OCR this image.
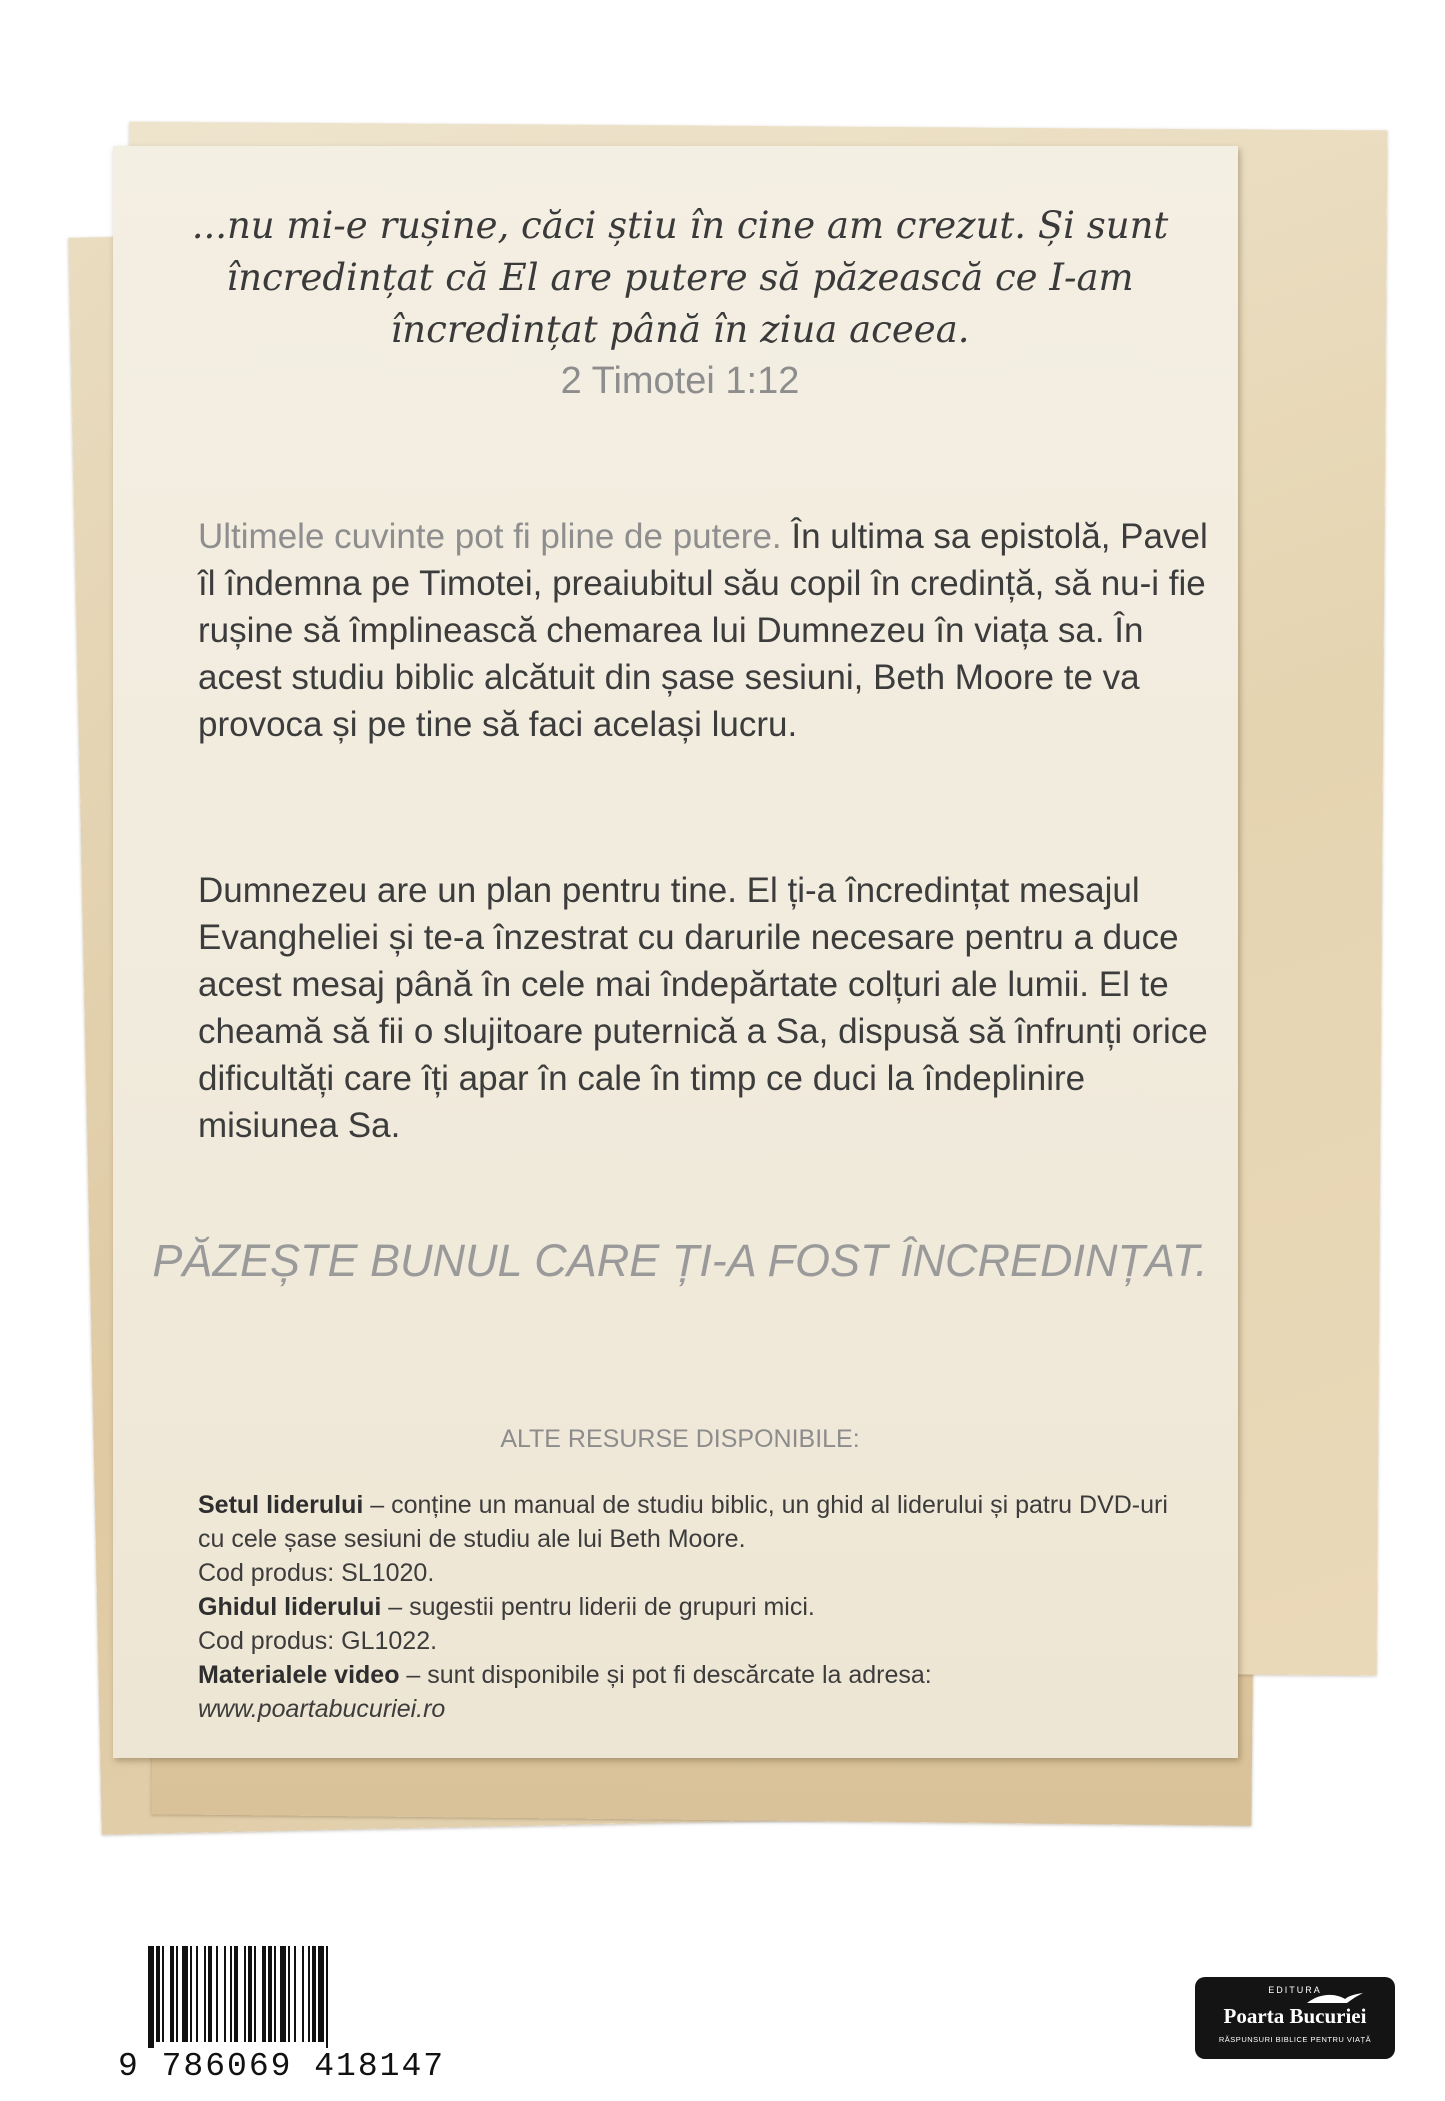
...nu mi-e rușine, căci știu în cine am crezut. Și sunt încredințat că El are putere să păzească ce I-am încredințat până în ziua aceea.
2 Timotei 1:12

Ultimele cuvinte pot fi pline de putere. În ultima sa epistolă, Pavel îl îndemna pe Timotei, preaiubitul său copil în credință, să nu-i fie rușine să împlinească chemarea lui Dumnezeu în viața sa. În acest studiu biblic alcătuit din șase sesiuni, Beth Moore te va provoca și pe tine să faci același lucru.

Dumnezeu are un plan pentru tine. El ți-a încredințat mesajul Evangheliei și te-a înzestrat cu darurile necesare pentru a duce acest mesaj până în cele mai îndepărtate colțuri ale lumii. El te cheamă să fii o slujitoare puternică a Sa, dispusă să înfrunți orice dificultăți care îți apar în cale în timp ce duci la îndeplinire misiunea Sa.

PĂZEȘTE BUNUL CARE ȚI-A FOST ÎNCREDINȚAT.
ALTE RESURSE DISPONIBILE:
Setul liderului – conține un manual de studiu biblic, un ghid al liderului și patru DVD-uri cu cele șase sesiuni de studiu ale lui Beth Moore.
Cod produs: SL1020.
Ghidul liderului – sugestii pentru liderii de grupuri mici.
Cod produs: GL1022.
Materialele video – sunt disponibile și pot fi descărcate la adresa:
www.poartabucuriei.ro
9 786069 418147
EDITURA
Poarta Bucuriei
RĂSPUNSURI BIBLICE PENTRU VIAȚĂ
